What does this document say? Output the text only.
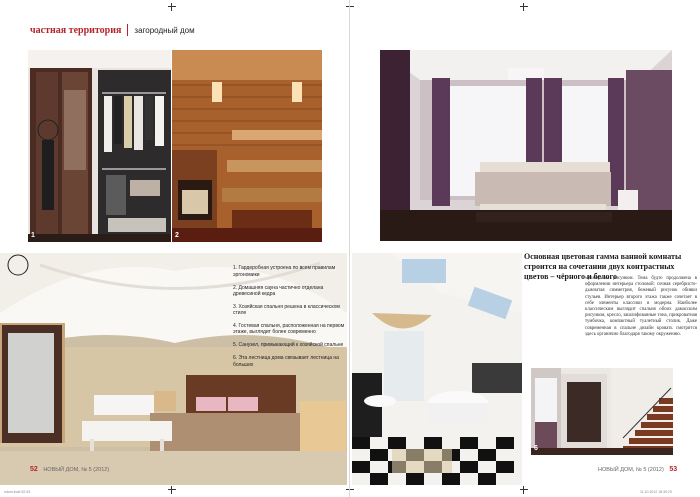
частная территория загородный дом
1	2
6

1. Гардеробная устроена по всем правилам эргономики

2. Домашняя сауна частично отделана древесиной кедра

3. Хозяйская спальня решена в классическом стиле

4. Гостевая спальня, расположенная на первом этаже, выглядит более современно

5. Санузел, примыкающий к хозяйской спальне

6. Эта лестница дома связывает лестница на больших

Основная цветовая гамма ванной комнаты строится на сочетании двух контрастных цветов – чёрного и белого
мраморным рисунком. Тема будто продолжена в оформлении интерьера столовой: сочная серебристо-дымчатая симметрия, бежевый рисунок обивки стульев. Интерьер второго этажа также сочетает в себе элементы классики и модерна. Наиболее классическим выглядит спальня обоих дамасским рисунком, кресло, зашлифованные тона, прикроватная тумбочка, компактный туалетный столик. Даже современная в спальне дизайн кровать смотрится здесь органично благодаря такому окружению.
52 НОВЫЙ ДОМ, № 5 (2012)	НОВЫЙ ДОМ, № 5 (2012) 53
ndom.indd 52-53	11.10.2012 18:39:23
